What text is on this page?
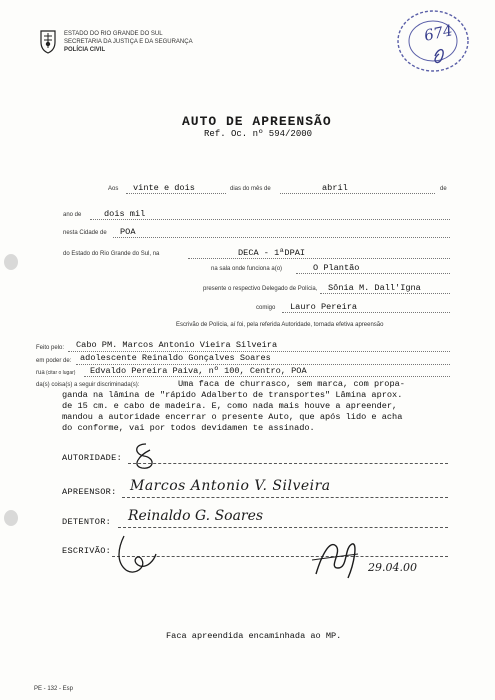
ESTADO DO RIO GRANDE DO SUL
SECRETARIA DA JUSTIÇA E DA SEGURANÇA
POLÍCIA CIVIL
674
AUTO DE APREENSÃO
Ref. Oc. nº 594/2000
Aos vinte e dois	dias do mês de	abril	de
ano de	dois mil
nesta Cidade de POA
do Estado do Rio Grande do Sul, na	DECA - 1ªDPAI
na sala onde funciona a(o)	O Plantão
presente o respectivo Delegado de Polícia, Sônia M. Dall'Igna
comigo Lauro Pereira
Escrivão de Polícia, aí foi, pela referida Autoridade, tornada efetiva apreensão
Feito pelo: Cabo PM. Marcos Antonio Vieira Silveira
em poder de: adolescente Reinaldo Gonçalves Soares
rua (citar o lugar) Edvaldo Pereira Paiva, nº 100, Centro, POA
da(s) coisa(s) a seguir discriminada(s):	Uma faca de churrasco, sem marca, com propa-
ganda na lâmina de "rápido Adalberto de transportes" Lâmina aprox.
de 15 cm. e cabo de madeira. E, como nada mais houve a apreender,
mandou a autoridade encerrar o presente Auto, que após lido e acha
do conforme, vai por todos devidamen te assinado.
AUTORIDADE:
APREENSOR: Marcos Antonio V. Silveira
DETENTOR: Reinaldo G. Soares
ESCRIVÃO:
29.04.00
Faca apreendida encaminhada ao MP.
PE - 132 - Esp
